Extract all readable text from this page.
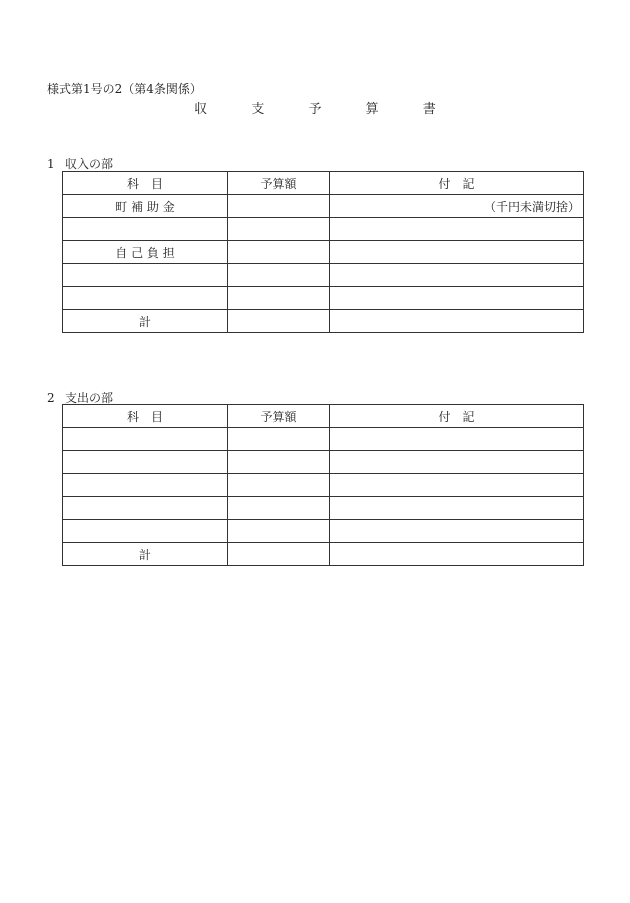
様式第1号の2（第4条関係）
収	支	予	算	書
1 収入の部
科　目	予算額	付　記
町 補 助 金		（千円未満切捨）

自 己 負 担		

計		
2 支出の部
科　目	予算額	付　記

計		
